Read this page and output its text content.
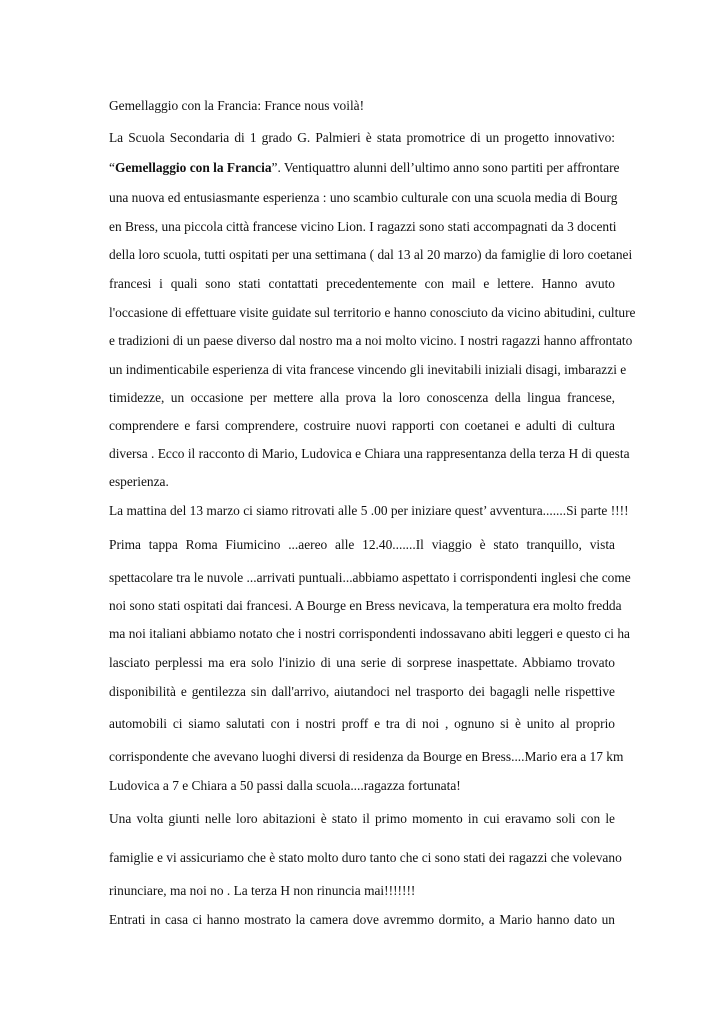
Gemellaggio con la Francia: France nous voilà!
La Scuola Secondaria di 1 grado G. Palmieri è stata promotrice di un progetto innovativo:
“Gemellaggio con la Francia”. Ventiquattro alunni dell’ultimo anno sono partiti per affrontare
una nuova ed entusiasmante esperienza : uno scambio culturale con una scuola media di Bourg
en Bress, una piccola città francese vicino Lion. I ragazzi sono stati accompagnati da 3 docenti
della loro scuola, tutti ospitati per una settimana ( dal 13 al 20 marzo) da famiglie di loro coetanei
francesi i quali sono stati contattati precedentemente con mail e lettere. Hanno avuto
l'occasione di effettuare visite guidate sul territorio e hanno conosciuto da vicino abitudini, culture
e tradizioni di un paese diverso dal nostro ma a noi molto vicino. I nostri ragazzi hanno affrontato
un indimenticabile esperienza di vita francese vincendo gli inevitabili iniziali disagi, imbarazzi e
timidezze, un occasione per mettere alla prova la loro conoscenza della lingua francese,
comprendere e farsi comprendere, costruire nuovi rapporti con coetanei e adulti di cultura
diversa . Ecco il racconto di Mario, Ludovica e Chiara una rappresentanza della terza H di questa
esperienza.
La mattina del 13 marzo ci siamo ritrovati alle 5 .00 per iniziare quest’ avventura.......Si parte !!!!
Prima tappa Roma Fiumicino ...aereo alle 12.40.......Il viaggio è stato tranquillo, vista
spettacolare tra le nuvole ...arrivati puntuali...abbiamo aspettato i corrispondenti inglesi che come
noi sono stati ospitati dai francesi. A Bourge en Bress nevicava, la temperatura era molto fredda
ma noi italiani abbiamo notato che i nostri corrispondenti indossavano abiti leggeri e questo ci ha
lasciato perplessi ma era solo l'inizio di una serie di sorprese inaspettate. Abbiamo trovato
disponibilità e gentilezza sin dall'arrivo, aiutandoci nel trasporto dei bagagli nelle rispettive
automobili ci siamo salutati con i nostri proff e tra di noi , ognuno si è unito al proprio
corrispondente che avevano luoghi diversi di residenza da Bourge en Bress....Mario era a 17 km
Ludovica a 7 e Chiara a 50 passi dalla scuola....ragazza fortunata!
Una volta giunti nelle loro abitazioni è stato il primo momento in cui eravamo soli con le
famiglie e vi assicuriamo che è stato molto duro tanto che ci sono stati dei ragazzi che volevano
rinunciare, ma noi no . La terza H non rinuncia mai!!!!!!!
Entrati in casa ci hanno mostrato la camera dove avremmo dormito, a Mario hanno dato un
